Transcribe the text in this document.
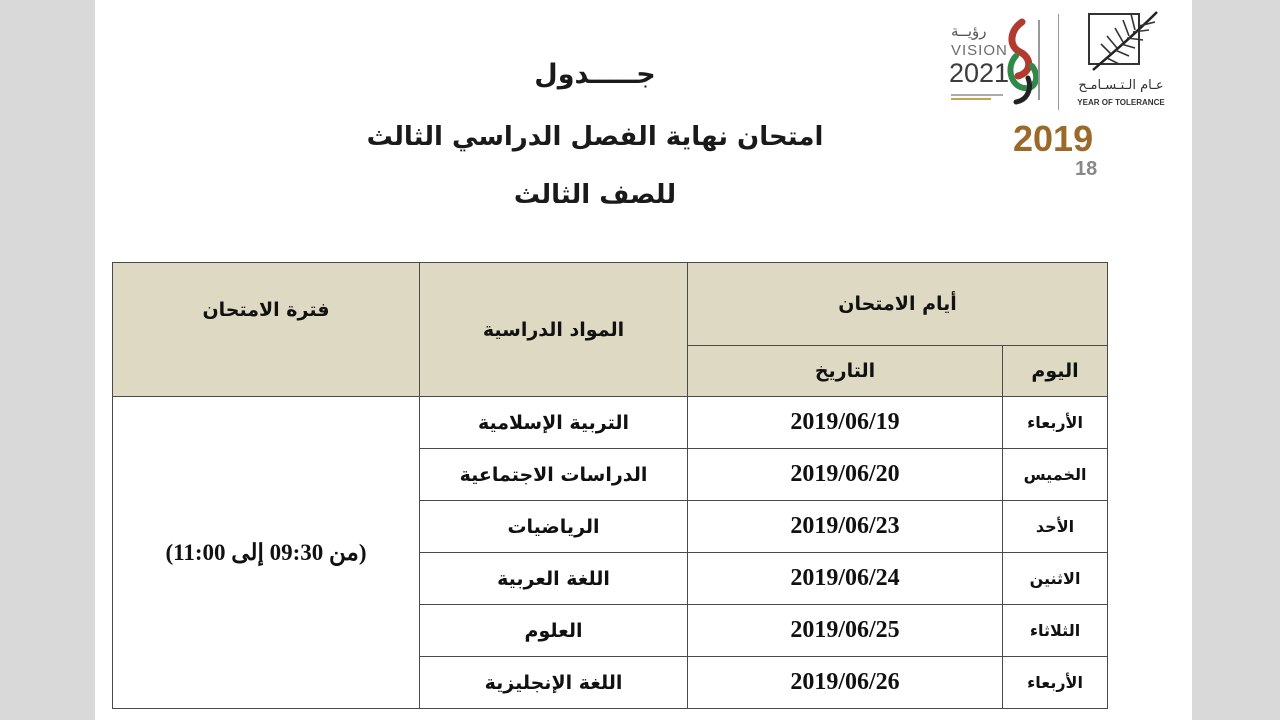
جـــــدول
امتحان نهاية الفصل الدراسي الثالث
للصف الثالث
رؤيــة
VISION
2021	عـام الـتـسـامـح
YEAR OF TOLERANCE
2019
18
أيام الامتحان		المواد الدراسية	فترة الامتحان
اليوم	التاريخ		
الأربعاء	2019/06/19	التربية الإسلامية	(من 09:30 إلى 11:00)
الخميس	2019/06/20	الدراسات الاجتماعية	
الأحد	2019/06/23	الرياضيات	
الاثنين	2019/06/24	اللغة العربية	
الثلاثاء	2019/06/25	العلوم	
الأربعاء	2019/06/26	اللغة الإنجليزية	
